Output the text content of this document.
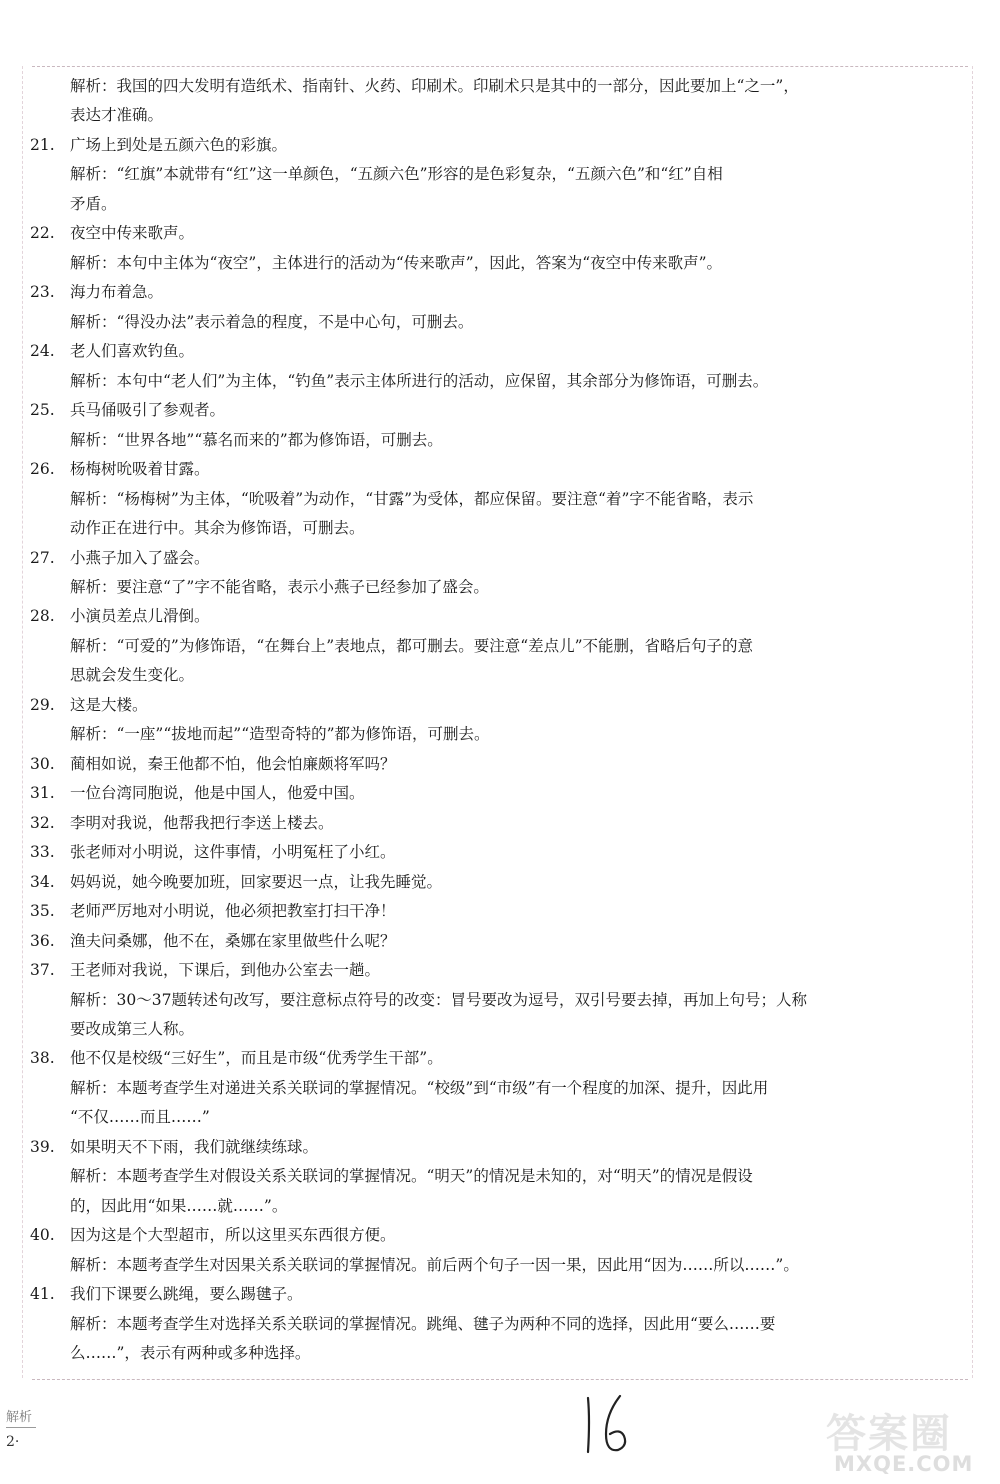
解析：我国的四大发明有造纸术、指南针、火药、印刷术。印刷术只是其中的一部分，因此要加上“之一”，
表达才准确。
21. 广场上到处是五颜六色的彩旗。
解析：“红旗”本就带有“红”这一单颜色，“五颜六色”形容的是色彩复杂，“五颜六色”和“红”自相
矛盾。
22. 夜空中传来歌声。
解析：本句中主体为“夜空”，主体进行的活动为“传来歌声”，因此，答案为“夜空中传来歌声”。
23. 海力布着急。
解析：“得没办法”表示着急的程度，不是中心句，可删去。
24. 老人们喜欢钓鱼。
解析：本句中“老人们”为主体，“钓鱼”表示主体所进行的活动，应保留，其余部分为修饰语，可删去。
25. 兵马俑吸引了参观者。
解析：“世界各地”“慕名而来的”都为修饰语，可删去。
26. 杨梅树吮吸着甘露。
解析：“杨梅树”为主体，“吮吸着”为动作，“甘露”为受体，都应保留。要注意“着”字不能省略，表示
动作正在进行中。其余为修饰语，可删去。
27. 小燕子加入了盛会。
解析：要注意“了”字不能省略，表示小燕子已经参加了盛会。
28. 小演员差点儿滑倒。
解析：“可爱的”为修饰语，“在舞台上”表地点，都可删去。要注意“差点儿”不能删，省略后句子的意
思就会发生变化。
29. 这是大楼。
解析：“一座”“拔地而起”“造型奇特的”都为修饰语，可删去。
30. 蔺相如说，秦王他都不怕，他会怕廉颇将军吗？
31. 一位台湾同胞说，他是中国人，他爱中国。
32. 李明对我说，他帮我把行李送上楼去。
33. 张老师对小明说，这件事情，小明冤枉了小红。
34. 妈妈说，她今晚要加班，回家要迟一点，让我先睡觉。
35. 老师严厉地对小明说，他必须把教室打扫干净！
36. 渔夫问桑娜，他不在，桑娜在家里做些什么呢？
37. 王老师对我说，下课后，到他办公室去一趟。
解析：30～37题转述句改写，要注意标点符号的改变：冒号要改为逗号，双引号要去掉，再加上句号；人称
要改成第三人称。
38. 他不仅是校级“三好生”，而且是市级“优秀学生干部”。
解析：本题考查学生对递进关系关联词的掌握情况。“校级”到“市级”有一个程度的加深、提升，因此用
“不仅……而且……”
39. 如果明天不下雨，我们就继续练球。
解析：本题考查学生对假设关系关联词的掌握情况。“明天”的情况是未知的，对“明天”的情况是假设
的，因此用“如果……就……”。
40. 因为这是个大型超市，所以这里买东西很方便。
解析：本题考查学生对因果关系关联词的掌握情况。前后两个句子一因一果，因此用“因为……所以……”。
41. 我们下课要么跳绳，要么踢毽子。
解析：本题考查学生对选择关系关联词的掌握情况。跳绳、毽子为两种不同的选择，因此用“要么……要
么……”，表示有两种或多种选择。
解析
2·	答案圈
MXQE.COM
